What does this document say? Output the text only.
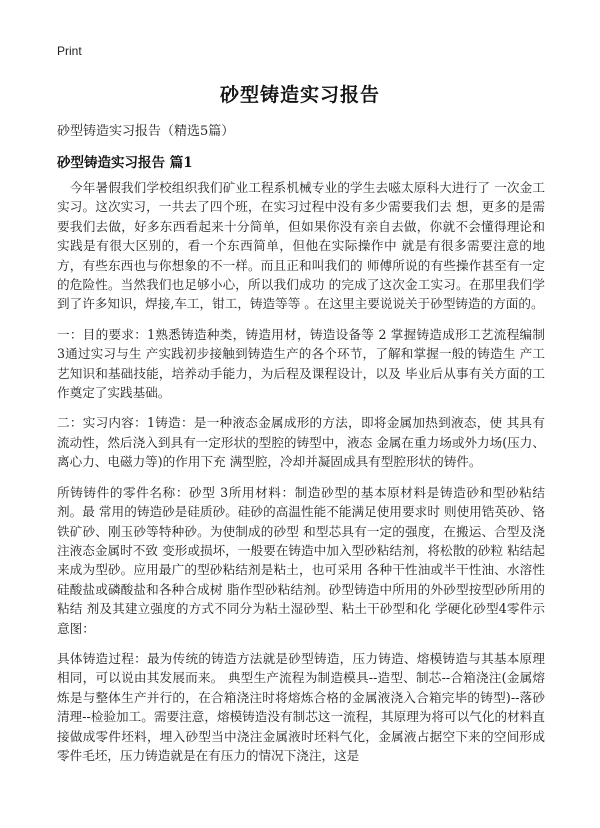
Print
砂型铸造实习报告
砂型铸造实习报告（精选5篇）
砂型铸造实习报告 篇1

今年暑假我们学校组织我们矿业工程系机械专业的学生去嗞太原科大进行了 一次金工实习。这次实习，一共去了四个班，在实习过程中没有多少需要我们去 想，更多的是需要我们去做，好多东西看起来十分简单，但如果你没有亲自去做，你就不会懂得理论和实践是有很大区别的，看一个东西简单，但他在实际操作中 就是有很多需要注意的地方，有些东西也与你想象的不一样。而且正和叫我们的 师傅所说的有些操作甚至有一定的危险性。当然我们也足够小心，所以我们成功 的完成了这次金工实习。在那里我们学到了许多知识，焊接,车工，钳工，铸造等等 。在这里主要说说关于砂型铸造的方面的。

一：目的要求：1熟悉铸造种类，铸造用材，铸造设备等 2 掌握铸造成形工艺流程编制 3通过实习与生 产实践初步接触到铸造生产的各个环节，了解和掌握一般的铸造生 产工艺知识和基础技能，培养动手能力，为后程及课程设计，以及 毕业后从事有关方面的工作奠定了实践基础。

二：实习内容：1铸造：是一种液态金属成形的方法，即将金属加热到液态，使 其具有流动性，然后浇入到具有一定形状的型腔的铸型中，液态 金属在重力场或外力场(压力、离心力、电磁力等)的作用下充 满型腔，冷却并凝固成具有型腔形状的铸件。

所铸铸件的零件名称：砂型 3所用材料：制造砂型的基本原材料是铸造砂和型砂粘结剂。最 常用的铸造砂是硅质砂。硅砂的高温性能不能满足使用要求时 则使用锆英砂、铬铁矿砂、刚玉砂等特种砂。为使制成的砂型 和型芯具有一定的强度，在搬运、合型及浇注液态金属时不致 变形或损坏，一般要在铸造中加入型砂粘结剂，将松散的砂粒 粘结起来成为型砂。应用最广的型砂粘结剂是粘土，也可采用 各种干性油或半干性油、水溶性硅酸盐或磷酸盐和各种合成树 脂作型砂粘结剂。砂型铸造中所用的外砂型按型砂所用的粘结 剂及其建立强度的方式不同分为粘土湿砂型、粘土干砂型和化 学硬化砂型4零件示意图：

具体铸造过程：最为传统的铸造方法就是砂型铸造，压力铸造、熔模铸造与其基本原理相同，可以说由其发展而来。 典型生产流程为制造模具--造型、制芯--合箱浇注(金属熔炼是与整体生产并行的，在合箱浇注时将熔炼合格的金属液浇入合箱完毕的铸型)--落砂清理--检验加工。需要注意，熔模铸造没有制芯这一流程，其原理为将可以气化的材料直接做成零件坯料，埋入砂型当中浇注金属液时坯料气化，金属液占据空下来的空间形成零件毛坯，压力铸造就是在有压力的情况下浇注，这是
